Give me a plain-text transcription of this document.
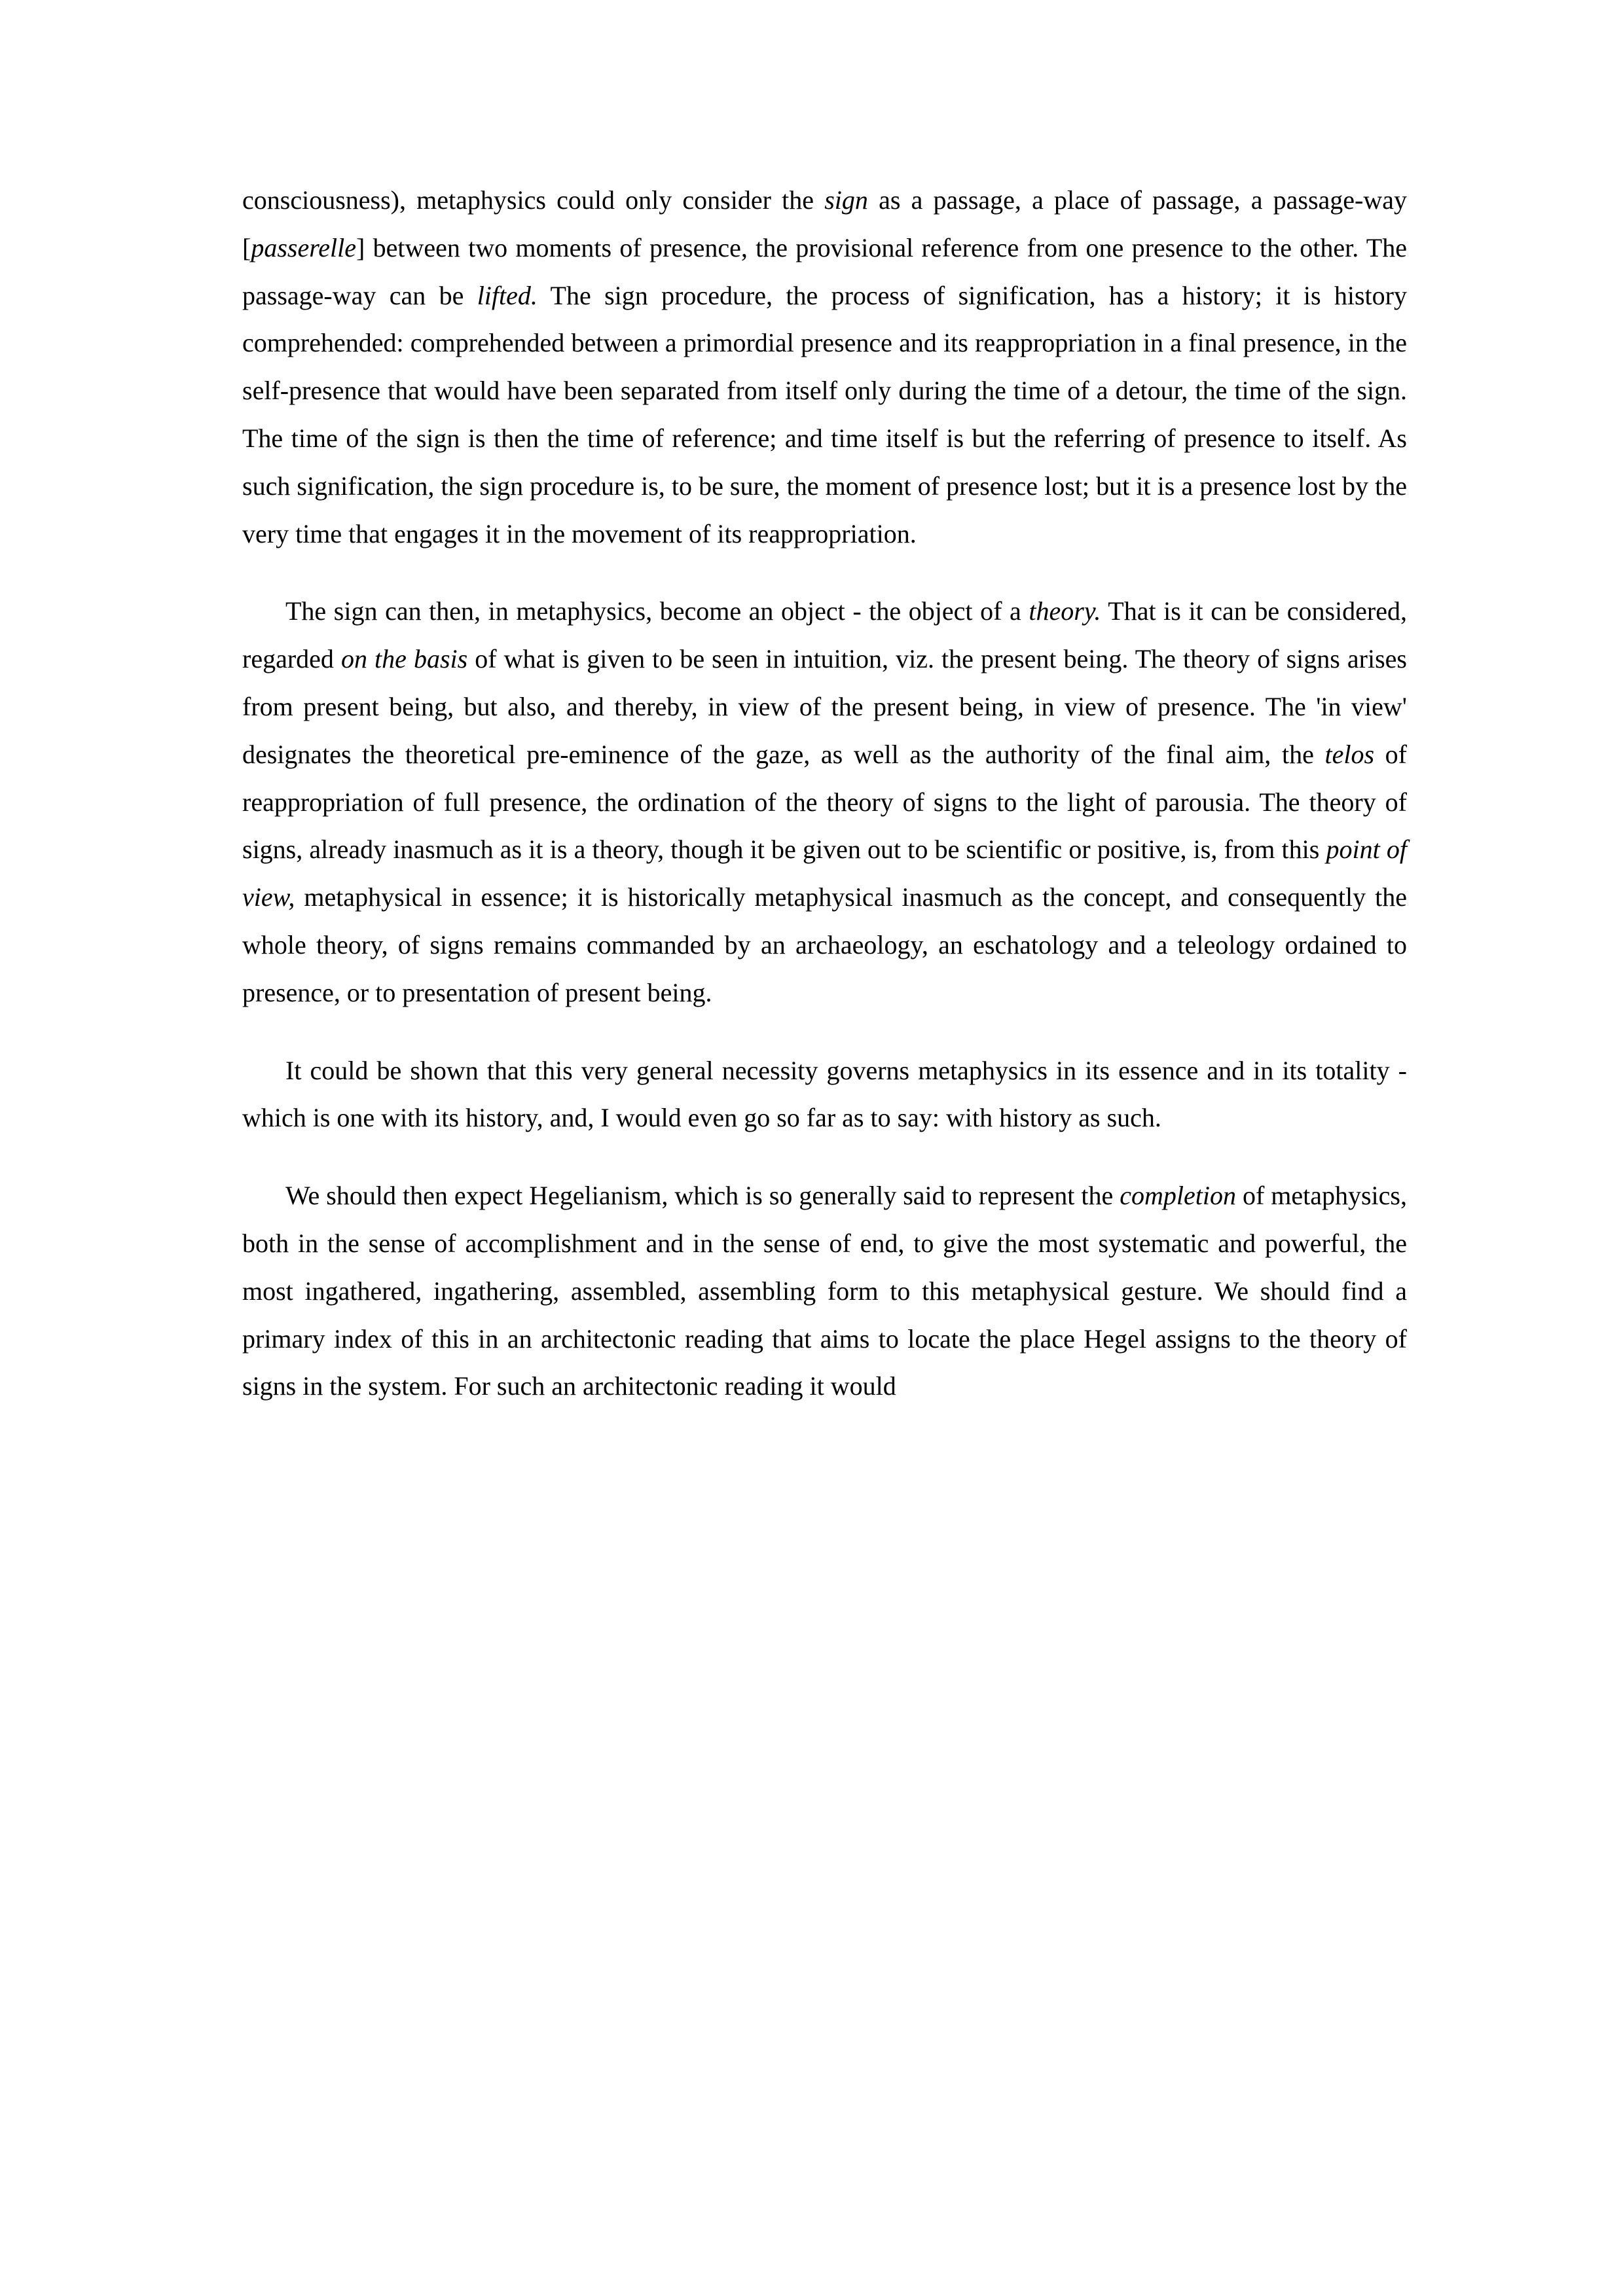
consciousness), metaphysics could only consider the sign as a passage, a place of passage, a passage-way [passerelle] between two moments of presence, the provisional reference from one presence to the other. The passage-way can be lifted. The sign procedure, the process of signification, has a history; it is history comprehended: comprehended between a primordial presence and its reappropriation in a final presence, in the self-presence that would have been separated from itself only during the time of a detour, the time of the sign. The time of the sign is then the time of reference; and time itself is but the referring of presence to itself. As such signification, the sign procedure is, to be sure, the moment of presence lost; but it is a presence lost by the very time that engages it in the movement of its reappropriation.

The sign can then, in metaphysics, become an object - the object of a theory. That is it can be considered, regarded on the basis of what is given to be seen in intuition, viz. the present being. The theory of signs arises from present being, but also, and thereby, in view of the present being, in view of presence. The 'in view' designates the theoretical pre-eminence of the gaze, as well as the authority of the final aim, the telos of reappropriation of full presence, the ordination of the theory of signs to the light of parousia. The theory of signs, already inasmuch as it is a theory, though it be given out to be scientific or positive, is, from this point of view, metaphysical in essence; it is historically metaphysical inasmuch as the concept, and consequently the whole theory, of signs remains commanded by an archaeology, an eschatology and a teleology ordained to presence, or to presentation of present being.

It could be shown that this very general necessity governs metaphysics in its essence and in its totality - which is one with its history, and, I would even go so far as to say: with history as such.

We should then expect Hegelianism, which is so generally said to represent the completion of metaphysics, both in the sense of accomplishment and in the sense of end, to give the most systematic and powerful, the most ingathered, ingathering, assembled, assembling form to this metaphysical gesture. We should find a primary index of this in an architectonic reading that aims to locate the place Hegel assigns to the theory of signs in the system. For such an architectonic reading it would
